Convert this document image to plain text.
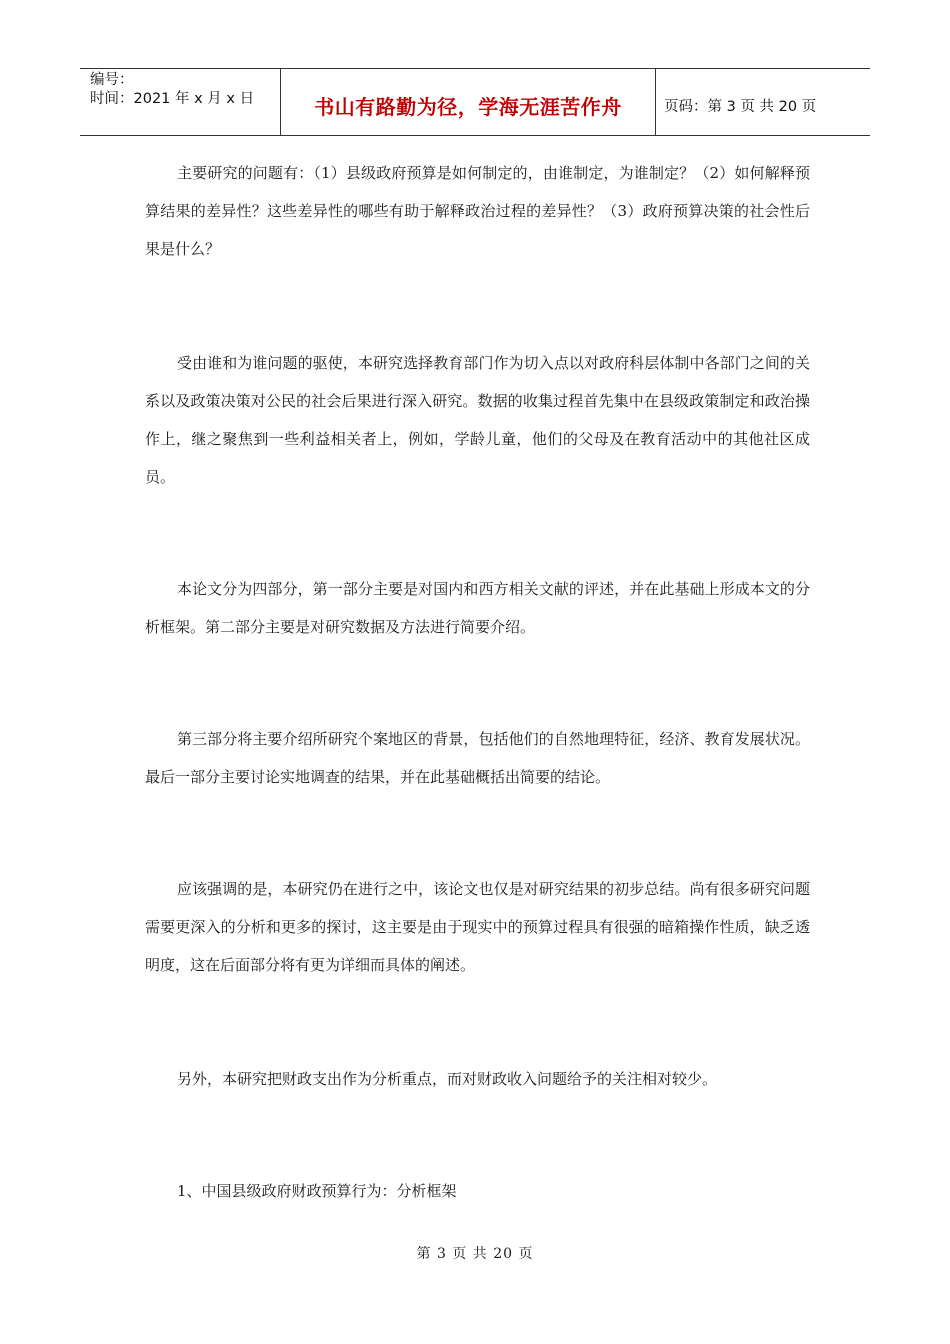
编号：
时间：2021 年 x 月 x 日	书山有路勤为径，学海无涯苦作舟	页码：第 3 页 共 20 页

主要研究的问题有：（1）县级政府预算是如何制定的，由谁制定，为谁制定？（2）如何解释预算结果的差异性？这些差异性的哪些有助于解释政治过程的差异性？（3）政府预算决策的社会性后果是什么？

受由谁和为谁问题的驱使，本研究选择教育部门作为切入点以对政府科层体制中各部门之间的关系以及政策决策对公民的社会后果进行深入研究。数据的收集过程首先集中在县级政策制定和政治操作上，继之聚焦到一些利益相关者上，例如，学龄儿童，他们的父母及在教育活动中的其他社区成员。

本论文分为四部分，第一部分主要是对国内和西方相关文献的评述，并在此基础上形成本文的分析框架。第二部分主要是对研究数据及方法进行简要介绍。

第三部分将主要介绍所研究个案地区的背景，包括他们的自然地理特征，经济、教育发展状况。最后一部分主要讨论实地调查的结果，并在此基础概括出简要的结论。

应该强调的是，本研究仍在进行之中，该论文也仅是对研究结果的初步总结。尚有很多研究问题需要更深入的分析和更多的探讨，这主要是由于现实中的预算过程具有很强的暗箱操作性质，缺乏透明度，这在后面部分将有更为详细而具体的阐述。

另外，本研究把财政支出作为分析重点，而对财政收入问题给予的关注相对较少。

1、中国县级政府财政预算行为：分析框架

第 3 页 共 20 页
